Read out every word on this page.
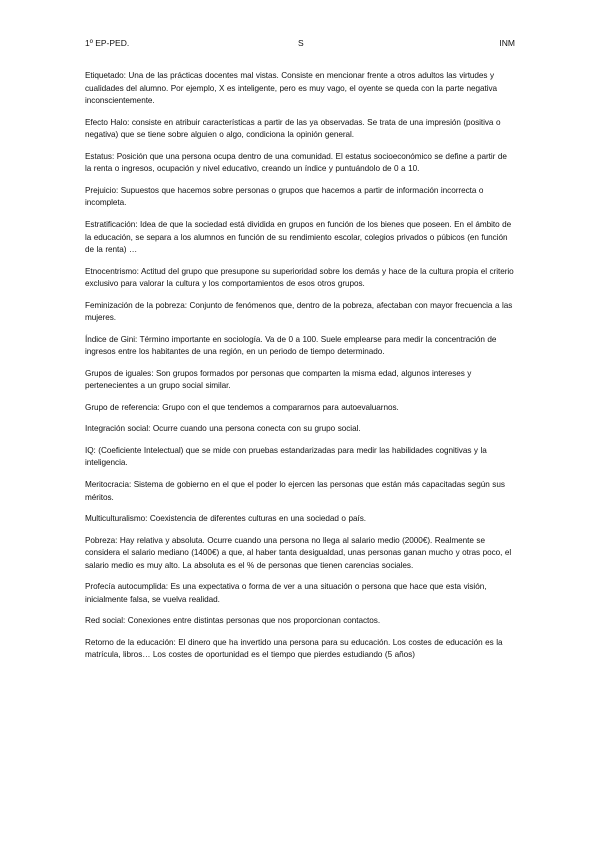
1º EP-PED.	S	INM

Etiquetado: Una de las prácticas docentes mal vistas. Consiste en mencionar frente a otros adultos las virtudes y cualidades del alumno. Por ejemplo, X es inteligente, pero es muy vago, el oyente se queda con la parte negativa inconscientemente.

Efecto Halo: consiste en atribuir características a partir de las ya observadas. Se trata de una impresión (positiva o negativa) que se tiene sobre alguien o algo, condiciona la opinión general.

Estatus: Posición que una persona ocupa dentro de una comunidad. El estatus socioeconómico se define a partir de la renta o ingresos, ocupación y nivel educativo, creando un índice y puntuándolo de 0 a 10.

Prejuicio: Supuestos que hacemos sobre personas o grupos que hacemos a partir de información incorrecta o incompleta.

Estratificación: Idea de que la sociedad está dividida en grupos en función de los bienes que poseen. En el ámbito de la educación, se separa a los alumnos en función de su rendimiento escolar, colegios privados o púbicos (en función de la renta) …

Etnocentrismo: Actitud del grupo que presupone su superioridad sobre los demás y hace de la cultura propia el criterio exclusivo para valorar la cultura y los comportamientos de esos otros grupos.

Feminización de la pobreza: Conjunto de fenómenos que, dentro de la pobreza, afectaban con mayor frecuencia a las mujeres.

Índice de Gini: Término importante en sociología. Va de 0 a 100. Suele emplearse para medir la concentración de ingresos entre los habitantes de una región, en un periodo de tiempo determinado.

Grupos de iguales: Son grupos formados por personas que comparten la misma edad, algunos intereses y pertenecientes a un grupo social similar.

Grupo de referencia: Grupo con el que tendemos a compararnos para autoevaluarnos.

Integración social: Ocurre cuando una persona conecta con su grupo social.

IQ: (Coeficiente Intelectual) que se mide con pruebas estandarizadas para medir las habilidades cognitivas y la inteligencia.

Meritocracia: Sistema de gobierno en el que el poder lo ejercen las personas que están más capacitadas según sus méritos.

Multiculturalismo: Coexistencia de diferentes culturas en una sociedad o país.

Pobreza: Hay relativa y absoluta. Ocurre cuando una persona no llega al salario medio (2000€). Realmente se considera el salario mediano (1400€) a que, al haber tanta desigualdad, unas personas ganan mucho y otras poco, el salario medio es muy alto. La absoluta es el % de personas que tienen carencias sociales.

Profecía autocumplida: Es una expectativa o forma de ver a una situación o persona que hace que esta visión, inicialmente falsa, se vuelva realidad.

Red social: Conexiones entre distintas personas que nos proporcionan contactos.

Retorno de la educación: El dinero que ha invertido una persona para su educación. Los costes de educación es la matrícula, libros… Los costes de oportunidad es el tiempo que pierdes estudiando (5 años)
